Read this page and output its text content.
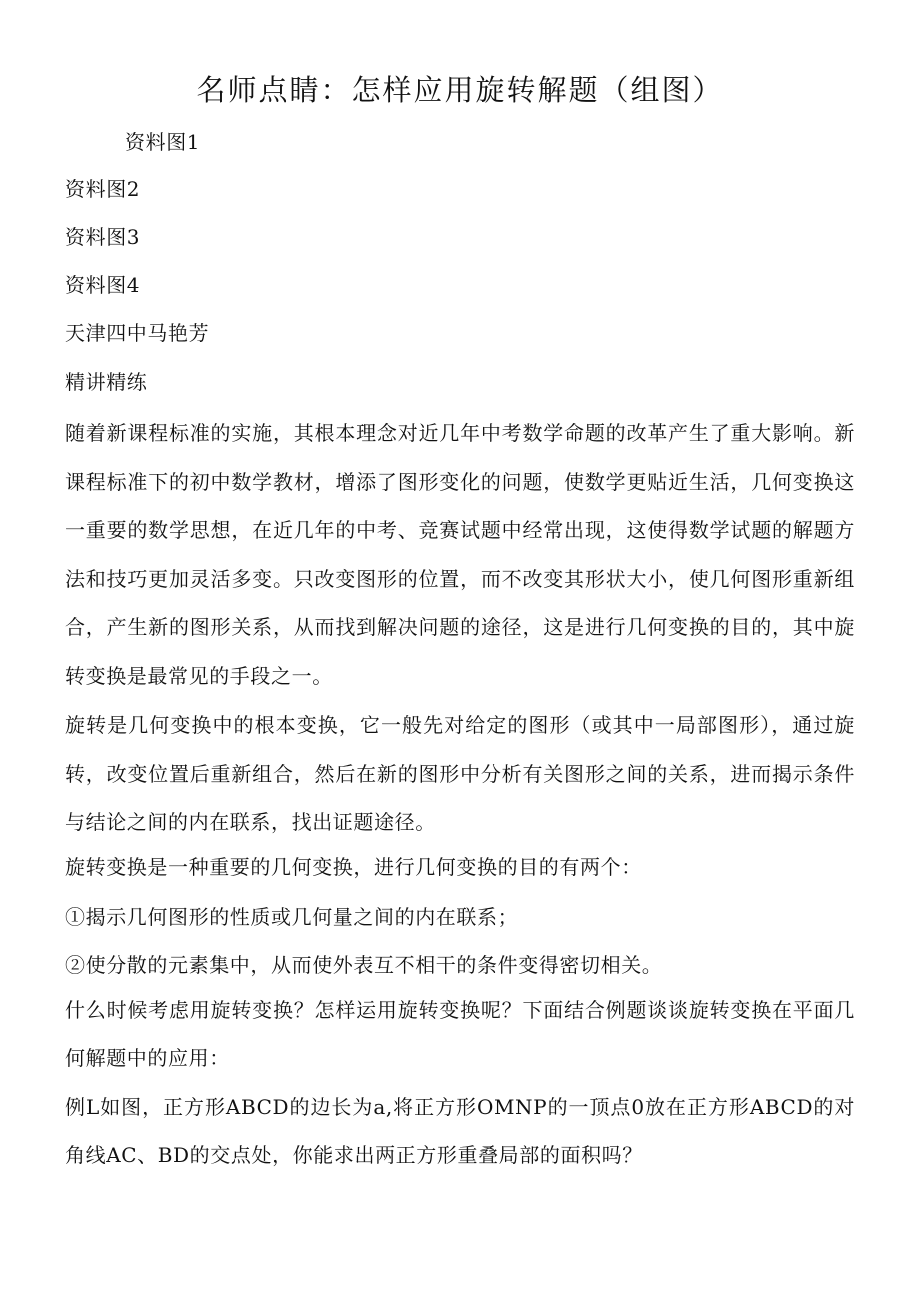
名师点睛：怎样应用旋转解题（组图）
资料图1
资料图2
资料图3
资料图4
天津四中马艳芳
精讲精练
随着新课程标准的实施，其根本理念对近几年中考数学命题的改革产生了重大影响。新课程标准下的初中数学教材，增添了图形变化的问题，使数学更贴近生活，几何变换这一重要的数学思想，在近几年的中考、竞赛试题中经常出现，这使得数学试题的解题方法和技巧更加灵活多变。只改变图形的位置，而不改变其形状大小，使几何图形重新组合，产生新的图形关系，从而找到解决问题的途径，这是进行几何变换的目的，其中旋转变换是最常见的手段之一。
旋转是几何变换中的根本变换，它一般先对给定的图形（或其中一局部图形），通过旋转，改变位置后重新组合，然后在新的图形中分析有关图形之间的关系，进而揭示条件与结论之间的内在联系，找出证题途径。
旋转变换是一种重要的几何变换，进行几何变换的目的有两个：
①揭示几何图形的性质或几何量之间的内在联系；
②使分散的元素集中，从而使外表互不相干的条件变得密切相关。
什么时候考虑用旋转变换？怎样运用旋转变换呢？下面结合例题谈谈旋转变换在平面几何解题中的应用：
例L如图，正方形ABCD的边长为a,将正方形OMNP的一顶点0放在正方形ABCD的对角线AC、BD的交点处，你能求出两正方形重叠局部的面积吗？
